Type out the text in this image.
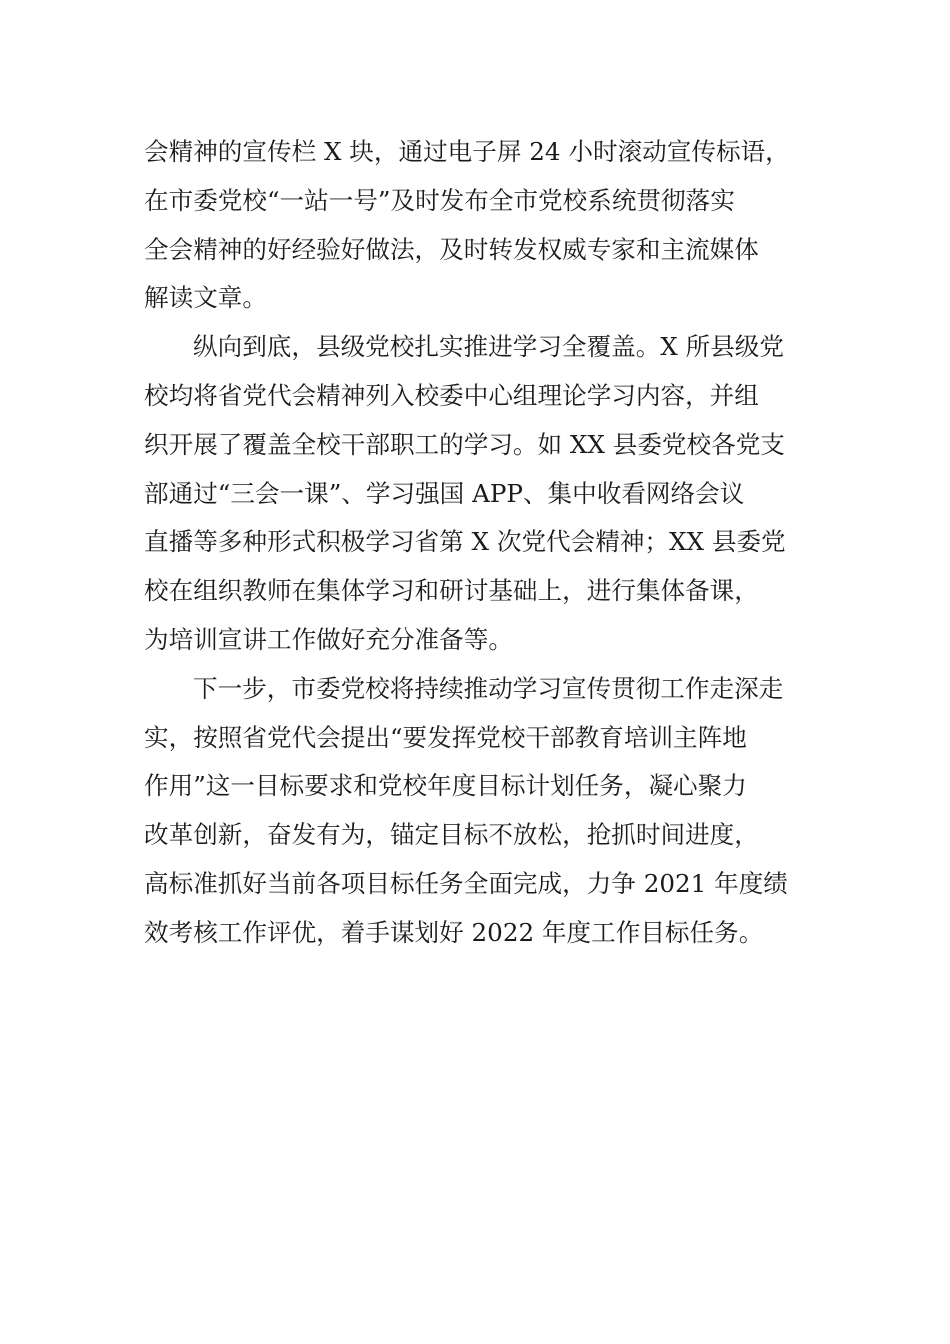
会精神的宣传栏 X 块，通过电子屏 24 小时滚动宣传标语，
在市委党校“一站一号”及时发布全市党校系统贯彻落实
全会精神的好经验好做法，及时转发权威专家和主流媒体
解读文章。
纵向到底，县级党校扎实推进学习全覆盖。X 所县级党
校均将省党代会精神列入校委中心组理论学习内容，并组
织开展了覆盖全校干部职工的学习。如 XX 县委党校各党支
部通过“三会一课”、学习强国 APP、集中收看网络会议
直播等多种形式积极学习省第 X 次党代会精神；XX 县委党
校在组织教师在集体学习和研讨基础上，进行集体备课，
为培训宣讲工作做好充分准备等。
下一步，市委党校将持续推动学习宣传贯彻工作走深走
实，按照省党代会提出“要发挥党校干部教育培训主阵地
作用”这一目标要求和党校年度目标计划任务，凝心聚力
改革创新，奋发有为，锚定目标不放松，抢抓时间进度，
高标准抓好当前各项目标任务全面完成，力争 2021 年度绩
效考核工作评优，着手谋划好 2022 年度工作目标任务。
